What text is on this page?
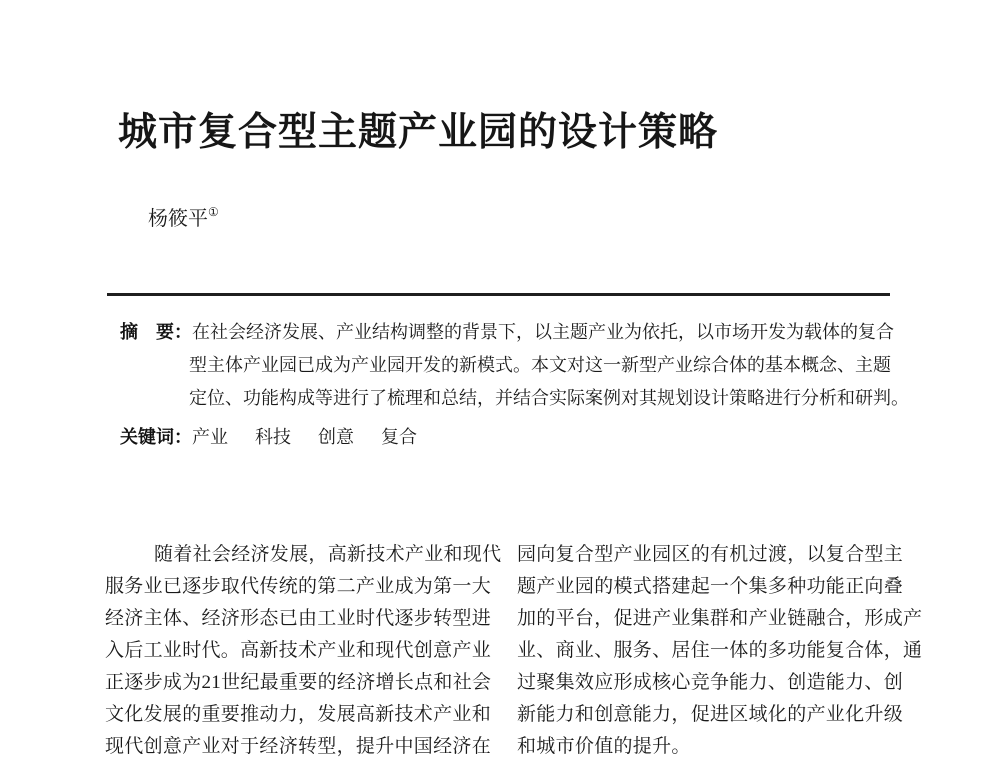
城市复合型主题产业园的设计策略
杨筱平①
摘　要：在社会经济发展、产业结构调整的背景下，以主题产业为依托，以市场开发为载体的复合
型主体产业园已成为产业园开发的新模式。本文对这一新型产业综合体的基本概念、主题
定位、功能构成等进行了梳理和总结，并结合实际案例对其规划设计策略进行分析和研判。
关键词：产业 科技 创意 复合
随着社会经济发展，高新技术产业和现代
服务业已逐步取代传统的第二产业成为第一大
经济主体、经济形态已由工业时代逐步转型进
入后工业时代。高新技术产业和现代创意产业
正逐步成为21世纪最重要的经济增长点和社会
文化发展的重要推动力，发展高新技术产业和
现代创意产业对于经济转型，提升中国经济在
园向复合型产业园区的有机过渡，以复合型主
题产业园的模式搭建起一个集多种功能正向叠
加的平台，促进产业集群和产业链融合，形成产
业、商业、服务、居住一体的多功能复合体，通
过聚集效应形成核心竞争能力、创造能力、创
新能力和创意能力，促进区域化的产业化升级
和城市价值的提升。
